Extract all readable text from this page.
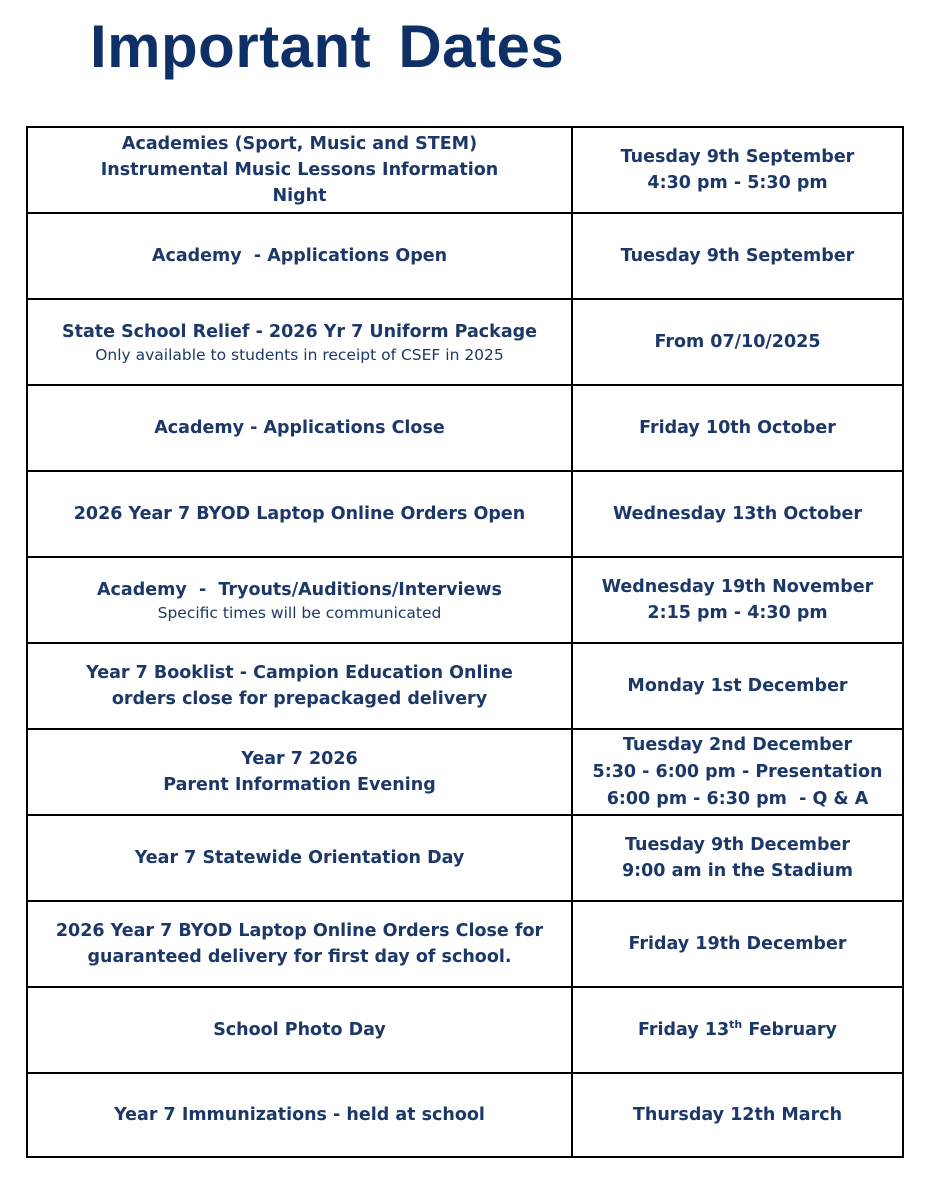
Important Dates
Academies (Sport, Music and STEM)
Instrumental Music Lessons Information
Night	Tuesday 9th September
4:30 pm - 5:30 pm

Academy  - Applications Open	Tuesday 9th September

State School Relief - 2026 Yr 7 Uniform Package
Only available to students in receipt of CSEF in 2025	From 07/10/2025

Academy - Applications Close	Friday 10th October

2026 Year 7 BYOD Laptop Online Orders Open	Wednesday 13th October

Academy  -  Tryouts/Auditions/Interviews
Specific times will be communicated	Wednesday 19th November
2:15 pm - 4:30 pm

Year 7 Booklist - Campion Education Online
orders close for prepackaged delivery	Monday 1st December

Year 7 2026
Parent Information Evening	Tuesday 2nd December
5:30 - 6:00 pm - Presentation
6:00 pm - 6:30 pm  - Q & A

Year 7 Statewide Orientation Day	Tuesday 9th December
9:00 am in the Stadium

2026 Year 7 BYOD Laptop Online Orders Close for
guaranteed delivery for first day of school.	Friday 19th December

School Photo Day	Friday 13th February

Year 7 Immunizations - held at school	Thursday 12th March
